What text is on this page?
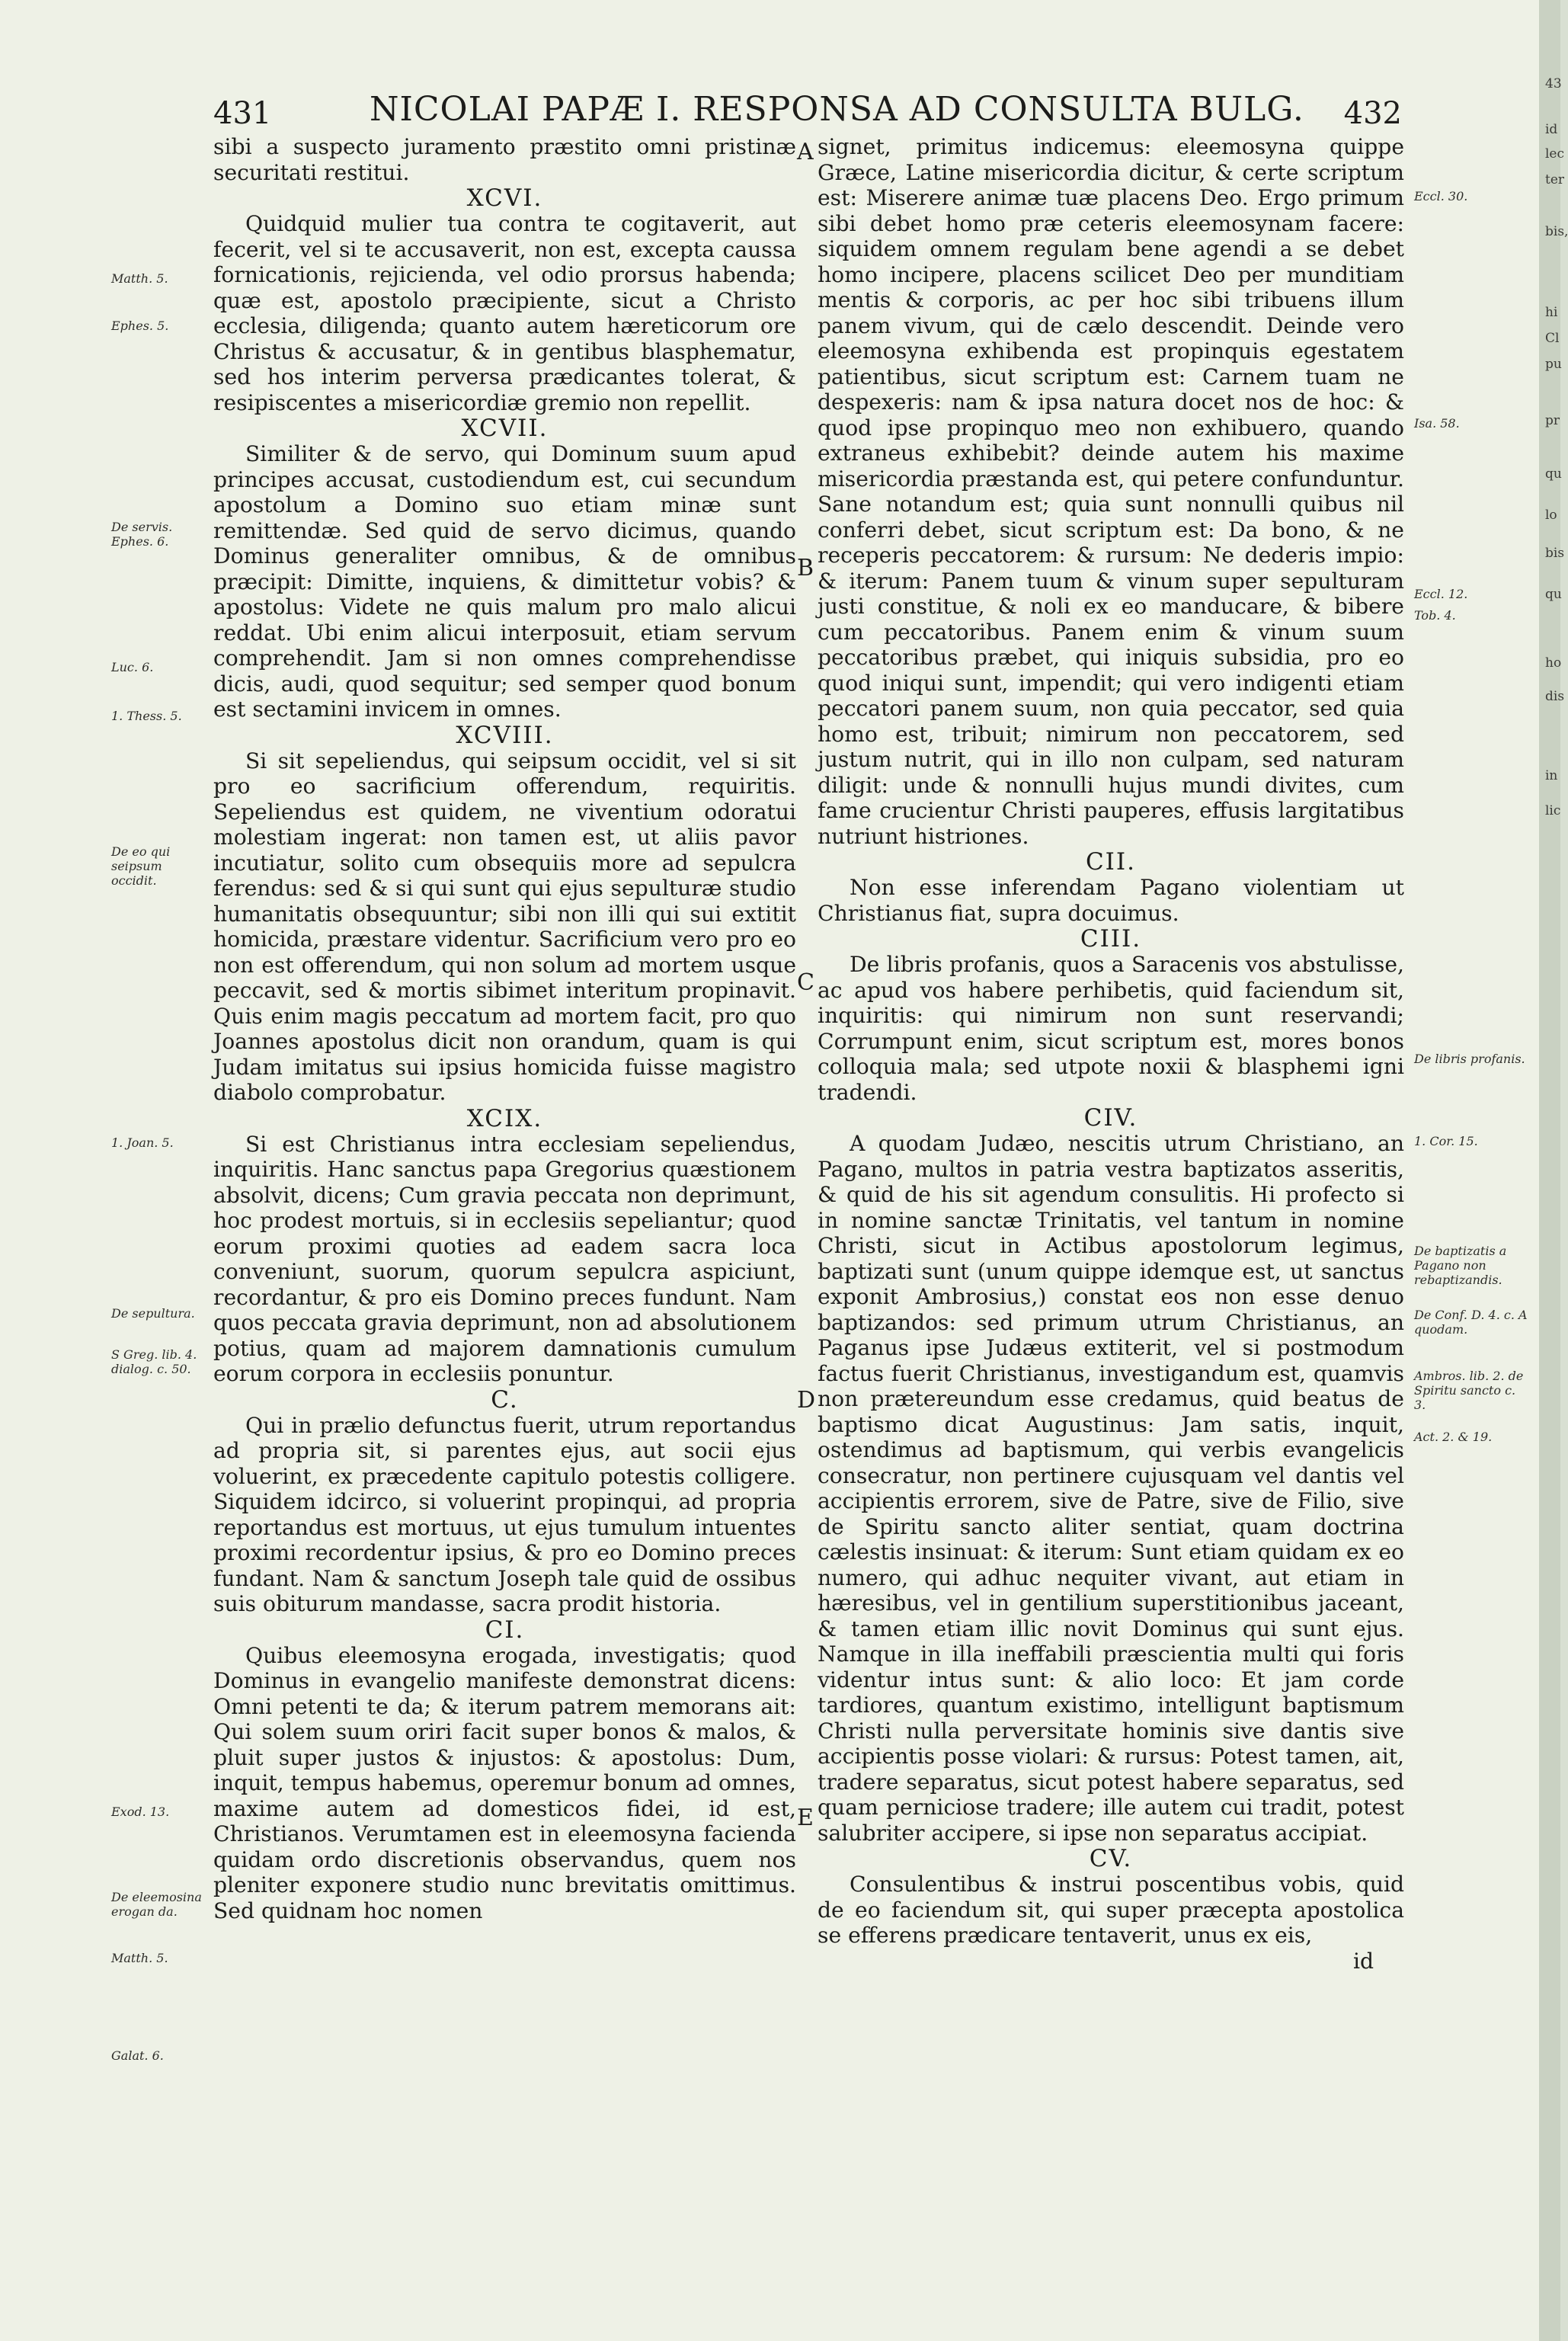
431	NICOLAI PAPÆ I. RESPONSA AD CONSULTA BULG. 432

sibi a suspecto juramento præstito omni pristinæ securitati restitui.

XCVI.

Quidquid mulier tua contra te cogitaverit, aut fecerit, vel si te accusaverit, non est, excepta caussa fornicationis, rejicienda, vel odio prorsus habenda; quæ est, apostolo præcipiente, sicut a Christo ecclesia, diligenda; quanto autem hæreticorum ore Christus & accusatur, & in gentibus blasphematur, sed hos interim perversa prædicantes tolerat, & resipiscentes a misericordiæ gremio non repellit.

XCVII.

Similiter & de servo, qui Dominum suum apud principes accusat, custodiendum est, cui secundum apostolum a Domino suo etiam minæ sunt remittendæ. Sed quid de servo dicimus, quando Dominus generaliter omnibus, & de omnibus præcipit: Dimitte, inquiens, & dimittetur vobis? & apostolus: Videte ne quis malum pro malo alicui reddat. Ubi enim alicui interposuit, etiam servum comprehendit. Jam si non omnes comprehendisse dicis, audi, quod sequitur; sed semper quod bonum est sectamini invicem in omnes.

XCVIII.

Si sit sepeliendus, qui seipsum occidit, vel si sit pro eo sacrificium offerendum, requiritis. Sepeliendus est quidem, ne viventium odoratui molestiam ingerat: non tamen est, ut aliis pavor incutiatur, solito cum obsequiis more ad sepulcra ferendus: sed & si qui sunt qui ejus sepulturæ studio humanitatis obsequuntur; sibi non illi qui sui extitit homicida, præstare videntur. Sacrificium vero pro eo non est offerendum, qui non solum ad mortem usque peccavit, sed & mortis sibimet interitum propinavit. Quis enim magis peccatum ad mortem facit, pro quo Joannes apostolus dicit non orandum, quam is qui Judam imitatus sui ipsius homicida fuisse magistro diabolo comprobatur.

XCIX.

Si est Christianus intra ecclesiam sepeliendus, inquiritis. Hanc sanctus papa Gregorius quæstionem absolvit, dicens; Cum gravia peccata non deprimunt, hoc prodest mortuis, si in ecclesiis sepeliantur; quod eorum proximi quoties ad eadem sacra loca conveniunt, suorum, quorum sepulcra aspiciunt, recordantur, & pro eis Domino preces fundunt. Nam quos peccata gravia deprimunt, non ad absolutionem potius, quam ad majorem damnationis cumulum eorum corpora in ecclesiis ponuntur.

C.

Qui in prælio defunctus fuerit, utrum reportandus ad propria sit, si parentes ejus, aut socii ejus voluerint, ex præcedente capitulo potestis colligere. Siquidem idcirco, si voluerint propinqui, ad propria reportandus est mortuus, ut ejus tumulum intuentes proximi recordentur ipsius, & pro eo Domino preces fundant. Nam & sanctum Joseph tale quid de ossibus suis obiturum mandasse, sacra prodit historia.

CI.

Quibus eleemosyna erogada, investigatis; quod Dominus in evangelio manifeste demonstrat dicens: Omni petenti te da; & iterum patrem memorans ait: Qui solem suum oriri facit super bonos & malos, & pluit super justos & injustos: & apostolus: Dum, inquit, tempus habemus, operemur bonum ad omnes, maxime autem ad domesticos fidei, id est, Christianos. Verumtamen est in eleemosyna facienda quidam ordo discretionis observandus, quem nos pleniter exponere studio nunc brevitatis omittimus. Sed quidnam hoc nomen

signet, primitus indicemus: eleemosyna quippe Græce, Latine misericordia dicitur, & certe scriptum est: Miserere animæ tuæ placens Deo. Ergo primum sibi debet homo præ ceteris eleemosynam facere: siquidem omnem regulam bene agendi a se debet homo incipere, placens scilicet Deo per munditiam mentis & corporis, ac per hoc sibi tribuens illum panem vivum, qui de cælo descendit. Deinde vero eleemosyna exhibenda est propinquis egestatem patientibus, sicut scriptum est: Carnem tuam ne despexeris: nam & ipsa natura docet nos de hoc: & quod ipse propinquo meo non exhibuero, quando extraneus exhibebit? deinde autem his maxime misericordia præstanda est, qui petere confunduntur. Sane notandum est; quia sunt nonnulli quibus nil conferri debet, sicut scriptum est: Da bono, & ne receperis peccatorem: & rursum: Ne dederis impio: & iterum: Panem tuum & vinum super sepulturam justi constitue, & noli ex eo manducare, & bibere cum peccatoribus. Panem enim & vinum suum peccatoribus præbet, qui iniquis subsidia, pro eo quod iniqui sunt, impendit; qui vero indigenti etiam peccatori panem suum, non quia peccator, sed quia homo est, tribuit; nimirum non peccatorem, sed justum nutrit, qui in illo non culpam, sed naturam diligit: unde & nonnulli hujus mundi divites, cum fame crucientur Christi pauperes, effusis largitatibus nutriunt histriones.

CII.

Non esse inferendam Pagano violentiam ut Christianus fiat, supra docuimus.

CIII.

De libris profanis, quos a Saracenis vos abstulisse, ac apud vos habere perhibetis, quid faciendum sit, inquiritis: qui nimirum non sunt reservandi; Corrumpunt enim, sicut scriptum est, mores bonos colloquia mala; sed utpote noxii & blasphemi igni tradendi.

CIV.

A quodam Judæo, nescitis utrum Christiano, an Pagano, multos in patria vestra baptizatos asseritis, & quid de his sit agendum consulitis. Hi profecto si in nomine sanctæ Trinitatis, vel tantum in nomine Christi, sicut in Actibus apostolorum legimus, baptizati sunt (unum quippe idemque est, ut sanctus exponit Ambrosius,) constat eos non esse denuo baptizandos: sed primum utrum Christianus, an Paganus ipse Judæus extiterit, vel si postmodum factus fuerit Christianus, investigandum est, quamvis non prætereundum esse credamus, quid beatus de baptismo dicat Augustinus: Jam satis, inquit, ostendimus ad baptismum, qui verbis evangelicis consecratur, non pertinere cujusquam vel dantis vel accipientis errorem, sive de Patre, sive de Filio, sive de Spiritu sancto aliter sentiat, quam doctrina cælestis insinuat: & iterum: Sunt etiam quidam ex eo numero, qui adhuc nequiter vivant, aut etiam in hæresibus, vel in gentilium superstitionibus jaceant, & tamen etiam illic novit Dominus qui sunt ejus. Namque in illa ineffabili præscientia multi qui foris videntur intus sunt: & alio loco: Et jam corde tardiores, quantum existimo, intelligunt baptismum Christi nulla perversitate hominis sive dantis sive accipientis posse violari: & rursus: Potest tamen, ait, tradere separatus, sicut potest habere separatus, sed quam perniciose tradere; ille autem cui tradit, potest salubriter accipere, si ipse non separatus accipiat.

CV.

Consulentibus & instrui poscentibus vobis, quid de eo faciendum sit, qui super præcepta apostolica se efferens prædicare tentaverit, unus ex eis,

id

Matth. 5.
Ephes. 5.
De servis. Ephes. 6.
Luc. 6.
1. Thess. 5.
De eo qui seipsum occidit.
1. Joan. 5.
De sepultura.
S Greg. lib. 4. dialog. c. 50.
Exod. 13.
De eleemosina erogan da.
Matth. 5.
Galat. 6.
Eccl. 30.
Isa. 58.
Eccl. 12.
Tob. 4.
De libris profanis.
1. Cor. 15.
De baptizatis a Pagano non rebaptizandis.
De Conf. D. 4. c. A quodam.
Ambros. lib. 2. de Spiritu sancto c. 3.
Act. 2. & 19.
A
B
C
D
E
43
id
lec
ter
bis,
hi
Cl
pu
pr
qu
lo
bis
qu
ho
dis
in
lic
